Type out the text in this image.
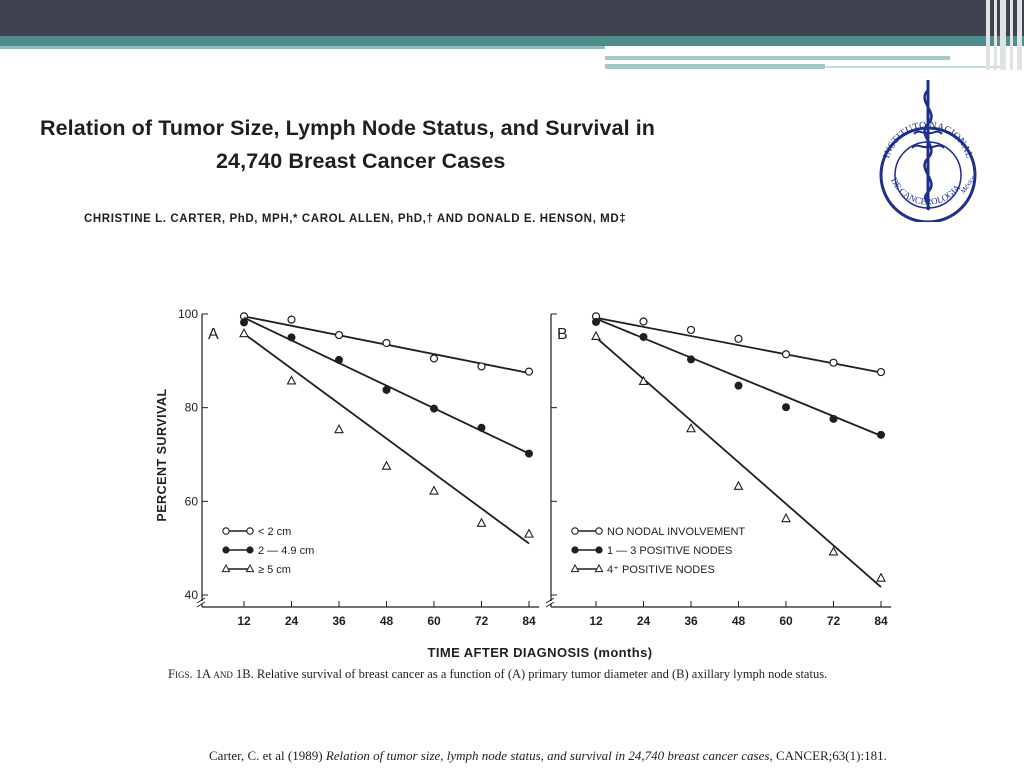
Relation of Tumor Size, Lymph Node Status, and Survival in
24,740 Breast Cancer Cases
CHRISTINE L. CARTER, PhD, MPH,* CAROL ALLEN, PhD,† AND DONALD E. HENSON, MD‡
INSTITUTO NACIONAL
DE CANCEROLOGIA
México
100
80
60
40
12	24	36	48	60	72	84
A
< 2 cm
2 — 4.9 cm
≥ 5 cm
12	24	36	48	60	72	84
B
NO NODAL INVOLVEMENT
1 — 3 POSITIVE NODES
4⁺ POSITIVE NODES
PERCENT SURVIVAL
TIME AFTER DIAGNOSIS (months)
Figs. 1A and 1B. Relative survival of breast cancer as a function of (A) primary tumor diameter and (B) axillary lymph node status.
Carter, C. et al (1989) Relation of tumor size, lymph node status, and survival in 24,740 breast cancer cases, CANCER;63(1):181.
